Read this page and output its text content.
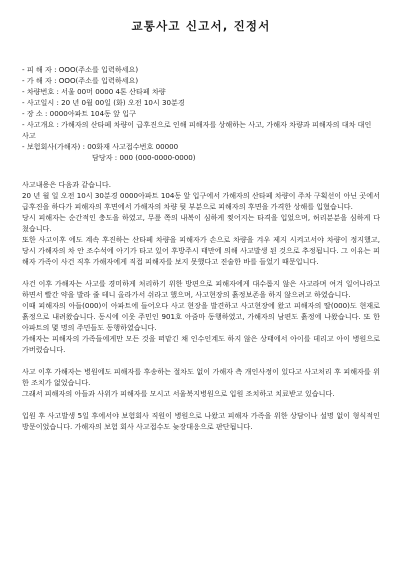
교통사고 신고서, 진정서
- 피 해 자 : OOO(주소를 입력하세요)
- 가 해 자 : OOO(주소를 입력하세요)
- 차량번호 : 서울 00머 0000 4톤 산타페 차량
- 사고일시 : 20 년 0월 00일 (화) 오전 10시 30분경
- 장 소 : 0000아파트 104동 앞 입구
- 사고개요 : 가해자의 산타페 차량이 급후진으로 인해 피해자를 상해하는 사고, 가해자 차량과 피해자의 대차 대인 사고
- 보험회사(가해자) : 00화재 사고접수번호 00000
담당자 : 000 (000-0000-0000)

사고내용은 다음과 같습니다.

20 년 월 일 오전 10시 30분경 0000아파트 104동 앞 입구에서 가해자의 산타페 차량이 주차 구획선이 아닌 곳에서 급후진을 하다가 피해자의 후면에서 가해자의 차량 뒷 부분으로 피해자의 후면을 가격한 상해를 입혔습니다.

당시 피해자는 순간적인 충도을 하였고, 무릎 쪽의 내복이 심하게 찢어지는 타격을 입었으며, 허리분분을 심하게 다쳤습니다.

또한 사고이후 에도 계속 후진하는 산타페 차량을 피해자가 손으로 차량을 겨우 제지 시켜고서야 차량이 정지했고, 당시 가해자의 차 안 조수석에 아기가 타고 있어 후방주시 태만에 의해 사고발생 된 것으로 추정됩니다. 그 이유는 피해자 가족이 사건 직후 가해자에게 직접 피해자를 보지 못했다고 진술한 바를 들었기 때문입니다.

사건 이후 가해자는 사고를 경미하게 처리하기 위한 방편으로 피해자에게 대수롭지 않은 사고라며 여겨 일어나라고 하면서 빨간 약을 발라 줄 테니 올라가서 쉬라고 했으며, 사고현장의 흙정보존을 하지 않으려고 하였습니다.

이때 피해자의 아들(000)이 아파트에 들어오다 사고 현장을 발견하고 사고현장에 왔고 피해자의 딸(000)도 현재로 흙정으로 내려왔습니다. 동시에 이웃 주민인 901호 아줌마 동행하였고, 가해자의 남편도 흙정에 나왔습니다. 또 한 아파트의 몇 명의 주민들도 동행하였습니다.

가해자는 피해자의 가족들에게만 모든 것을 떠맡긴 채 인수인계도 하지 않은 상태에서 아이를 데리고 아이 병원으로 가버렸습니다.

사고 이후 가해자는 병원에도 피해자를 후송하는 절차도 없이 가해자 측 개인사정이 있다고 사고처리 후 피해자를 위한 조치가 없었습니다.

그래서 피해자의 아들과 사위가 피해자를 모시고 서울북지병원으로 입원 조치하고 치료받고 있습니다.

입원 후 사고발생 5일 후에서야 보험회사 직원이 병원으로 나왔고 피해자 가족을 위한 상담이나 설명 없이 형식적인 방문이었습니다. 가해자의 보험 회사 사고접수도 늦장대응으로 판단됩니다.
